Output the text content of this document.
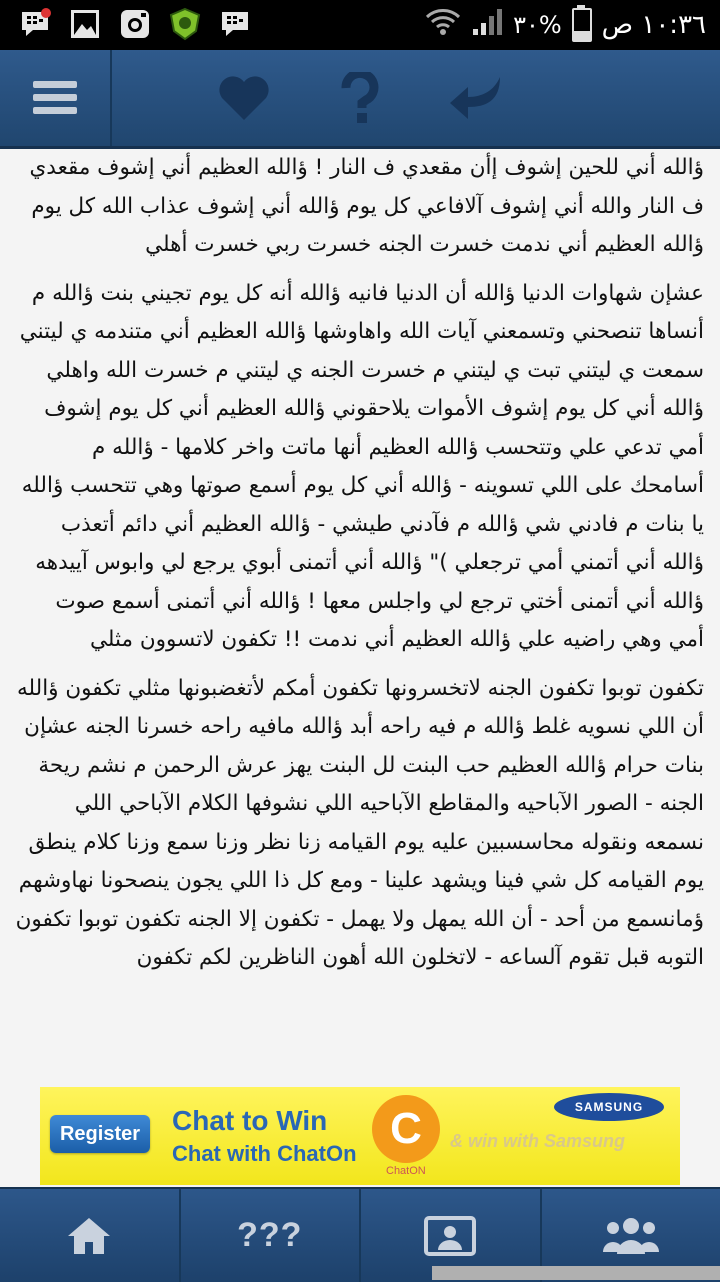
٣٠% ١٠:٣٦ ص

ؤالله أني للحين إشوف إأن مقعدي ف النار ! ؤالله العظيم أني إشوف مقعدي ف النار والله أني إشوف آلافاعي كل يوم ؤالله أني إشوف عذاب الله كل يوم ؤالله العظيم أني ندمت خسرت الجنه خسرت ربي خسرت أهلي

عشإن شهاوات الدنيا ؤالله أن الدنيا فانيه ؤالله أنه كل يوم تجيني بنت ؤالله م أنساها تنصحني وتسمعني آيات الله واهاوشها ؤالله العظيم أني متندمه ي ليتني سمعت ي ليتني تبت ي ليتني م خسرت الجنه ي ليتني م خسرت الله واهلي ؤالله أني كل يوم إشوف الأموات يلاحقوني ؤالله العظيم أني كل يوم إشوف أمي تدعي علي وتتحسب ؤالله العظيم أنها ماتت واخر كلامها - ؤالله م أسامحك على اللي تسوينه - ؤالله أني كل يوم أسمع صوتها وهي تتحسب ؤالله يا بنات م فادني شي ؤالله م فآدني طيشي - ؤالله العظيم أني دائم أتعذب ؤالله أني أتمني أمي ترجعلي )" ؤالله أني أتمنى أبوي يرجع لي وابوس آييدهه ؤالله أني أتمنى أختي ترجع لي واجلس معها ! ؤالله أني أتمنى أسمع صوت أمي وهي راضيه علي ؤالله العظيم أني ندمت !! تكفون لاتسوون مثلي

تكفون توبوا تكفون الجنه لاتخسرونها تكفون أمكم لأتغضبونها مثلي تكفون ؤالله أن اللي نسويه غلط ؤالله م فيه راحه أبد ؤالله مافيه راحه خسرنا الجنه عشإن بنات حرام ؤالله العظيم حب البنت لل البنت يهز عرش الرحمن م نشم ريحة الجنه - الصور الآباحيه والمقاطع الآباحيه اللي نشوفها الكلام الآباحي اللي نسمعه ونقوله محاسسبين عليه يوم القيامه زنا نظر وزنا سمع وزنا كلام ينطق يوم القيامه كل شي فينا ويشهد علينا - ومع كل ذا اللي يجون ينصحونا نهاوشهم ؤمانسمع من أحد - أن الله يمهل ولا يهمل - تكفون إلا الجنه تكفون توبوا تكفون التوبه قبل تقوم آلساعه - لاتخلون الله أهون الناظرين لكم تكفون

Register	Chat to Win
Chat with ChatOn
C
ChatON
& win with Samsung
SAMSUNG
???
